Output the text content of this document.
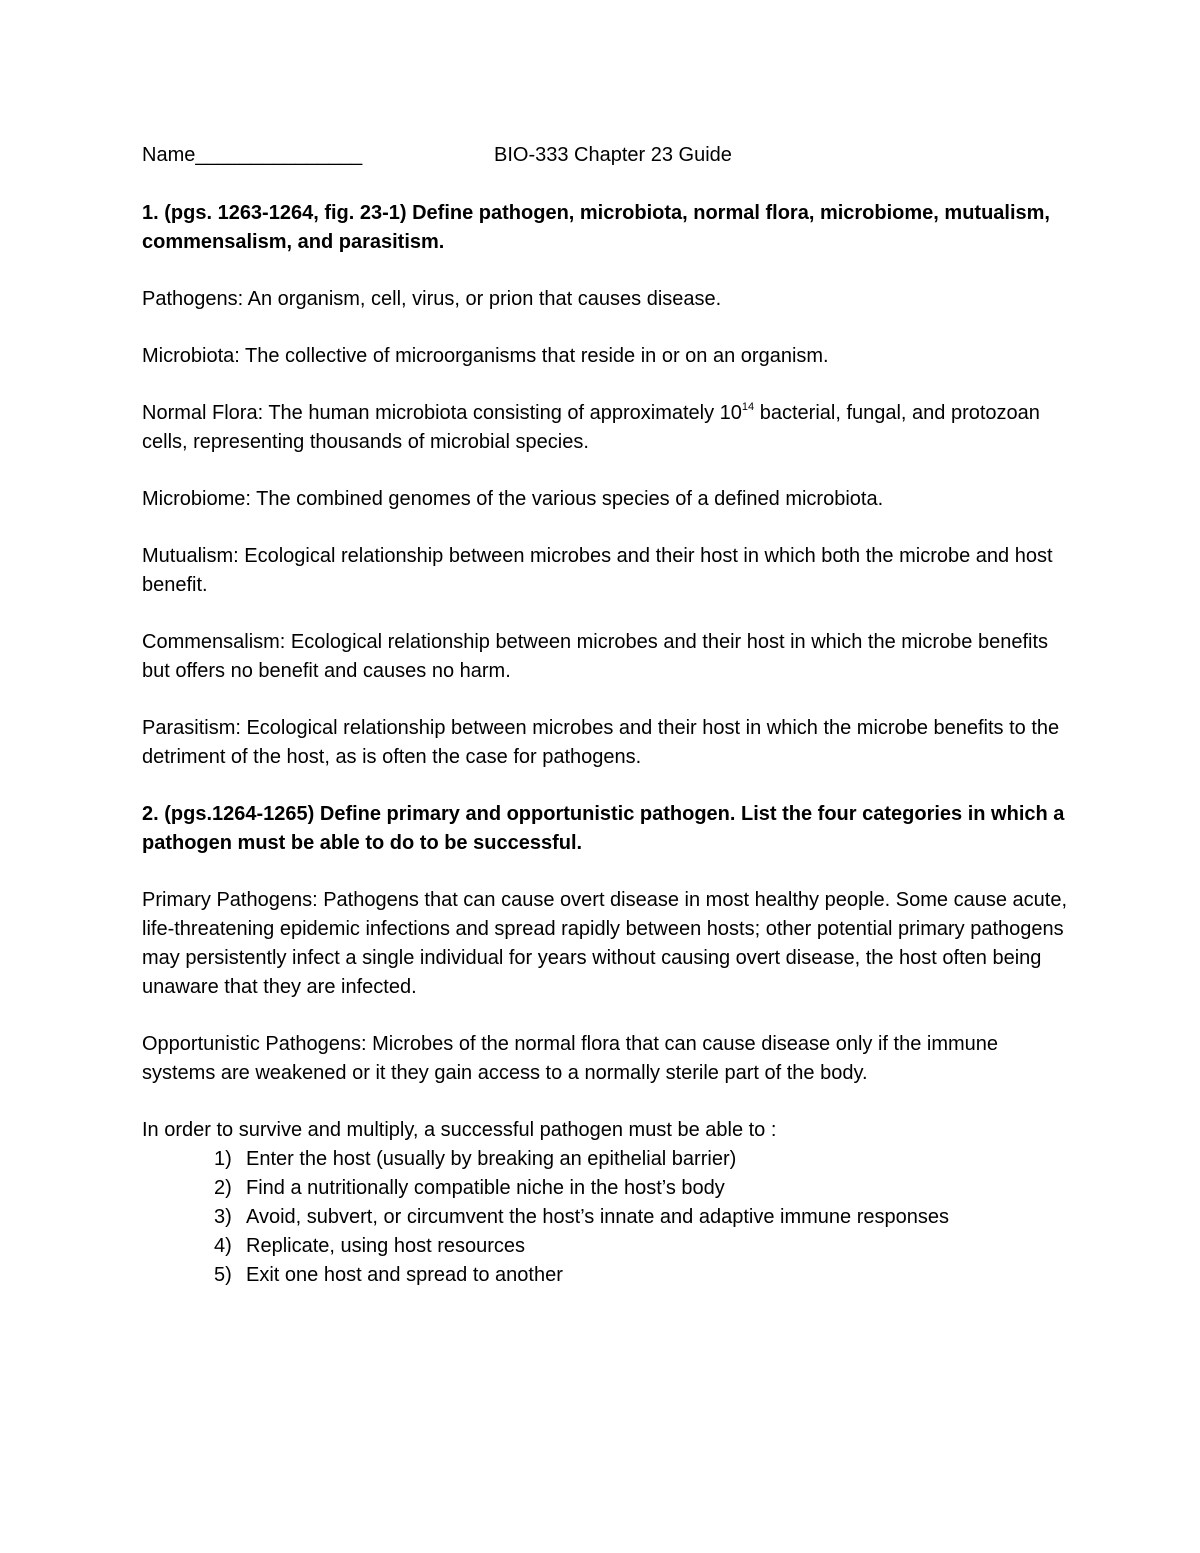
Name_______________	BIO-333 Chapter 23 Guide

1. (pgs. 1263-1264, fig. 23-1) Define pathogen, microbiota, normal flora, microbiome, mutualism, commensalism, and parasitism.

Pathogens: An organism, cell, virus, or prion that causes disease.

Microbiota: The collective of microorganisms that reside in or on an organism.

Normal Flora: The human microbiota consisting of approximately $10^{14}$ bacterial, fungal, and protozoan cells, representing thousands of microbial species.

Microbiome: The combined genomes of the various species of a defined microbiota.

Mutualism: Ecological relationship between microbes and their host in which both the microbe and host benefit.

Commensalism: Ecological relationship between microbes and their host in which the microbe benefits but offers no benefit and causes no harm.

Parasitism: Ecological relationship between microbes and their host in which the microbe benefits to the detriment of the host, as is often the case for pathogens.

2. (pgs.1264-1265) Define primary and opportunistic pathogen. List the four categories in which a pathogen must be able to do to be successful.

Primary Pathogens: Pathogens that can cause overt disease in most healthy people. Some cause acute, life-threatening epidemic infections and spread rapidly between hosts; other potential primary pathogens may persistently infect a single individual for years without causing overt disease, the host often being unaware that they are infected.

Opportunistic Pathogens: Microbes of the normal flora that can cause disease only if the immune systems are weakened or it they gain access to a normally sterile part of the body.

In order to survive and multiply, a successful pathogen must be able to :

1) Enter the host (usually by breaking an epithelial barrier)
2) Find a nutritionally compatible niche in the host’s body
3) Avoid, subvert, or circumvent the host’s innate and adaptive immune responses
4) Replicate, using host resources
5) Exit one host and spread to another
